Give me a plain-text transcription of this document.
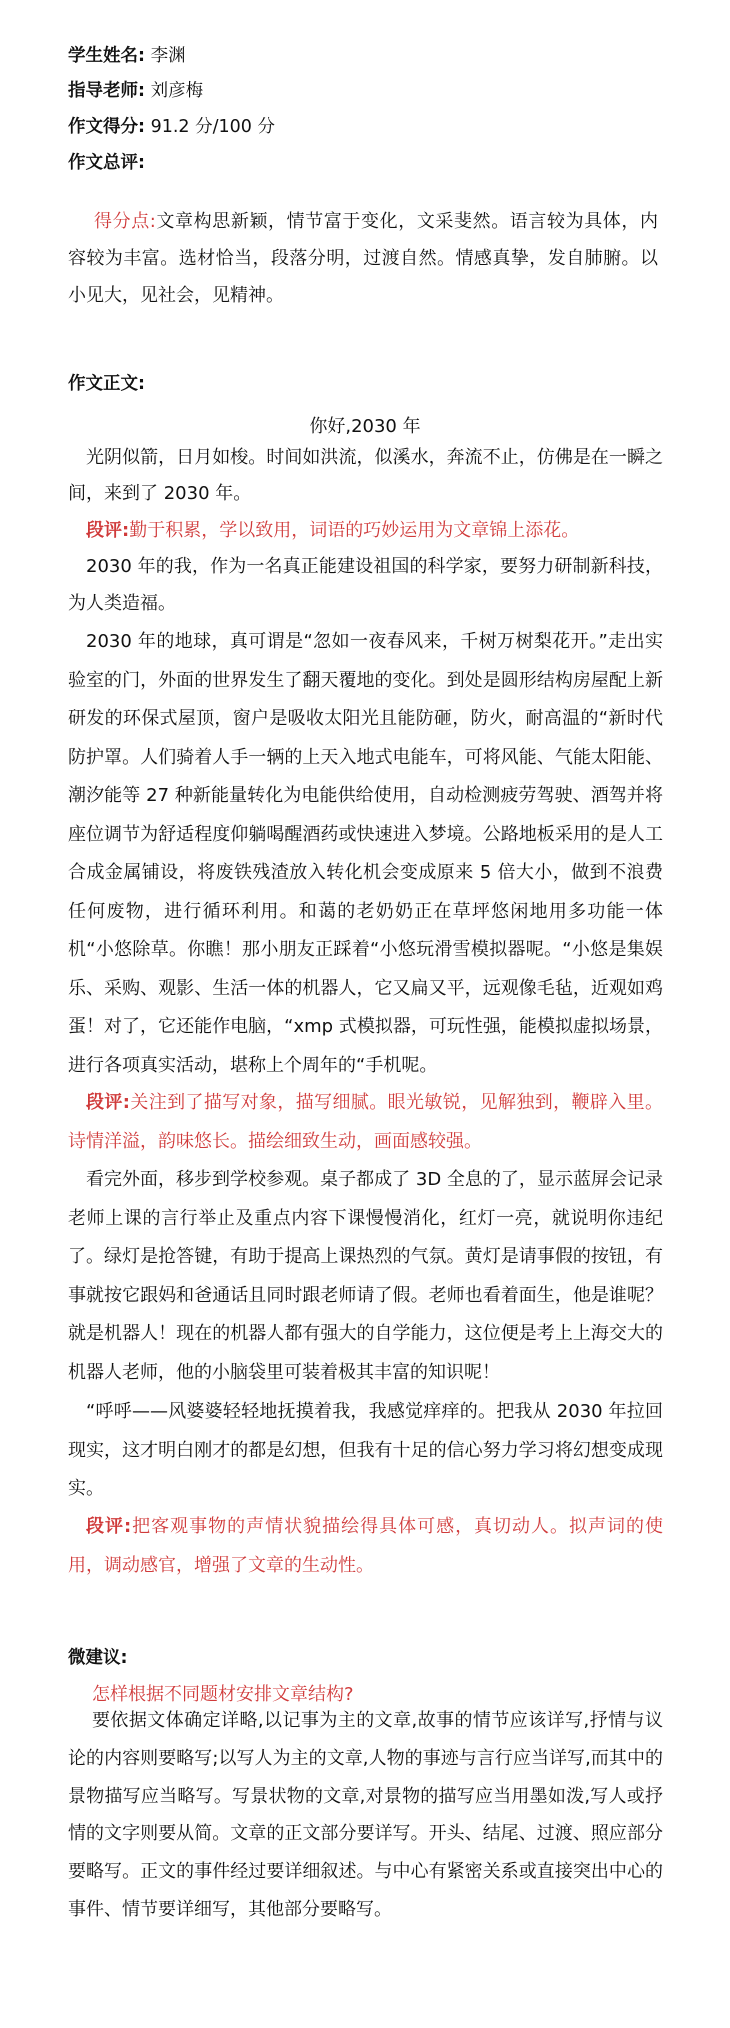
学生姓名: 李渊
指导老师: 刘彦梅
作文得分: 91.2 分/100 分
作文总评:

得分点:文章构思新颖，情节富于变化，文采斐然。语言较为具体，内容较为丰富。选材恰当，段落分明，过渡自然。情感真挚，发自肺腑。以小见大，见社会，见精神。

作文正文:
你好,2030 年

光阴似箭，日月如梭。时间如洪流，似溪水，奔流不止，仿佛是在一瞬之间，来到了 2030 年。

段评:勤于积累，学以致用，词语的巧妙运用为文章锦上添花。

2030 年的我，作为一名真正能建设祖国的科学家，要努力研制新科技，为人类造福。

2030 年的地球，真可谓是“忽如一夜春风来，千树万树梨花开。”走出实验室的门，外面的世界发生了翻天覆地的变化。到处是圆形结构房屋配上新研发的环保式屋顶，窗户是吸收太阳光且能防砸，防火，耐高温的“新时代防护罩。人们骑着人手一辆的上天入地式电能车，可将风能、气能太阳能、潮汐能等 27 种新能量转化为电能供给使用，自动检测疲劳驾驶、酒驾并将座位调节为舒适程度仰躺喝醒酒药或快速进入梦境。公路地板采用的是人工合成金属铺设，将废铁残渣放入转化机会变成原来 5 倍大小，做到不浪费任何废物，进行循环利用。和蔼的老奶奶正在草坪悠闲地用多功能一体机“小悠除草。你瞧！那小朋友正踩着“小悠玩滑雪模拟器呢。“小悠是集娱乐、采购、观影、生活一体的机器人，它又扁又平，远观像毛毡，近观如鸡蛋！对了，它还能作电脑，“xmp 式模拟器，可玩性强，能模拟虚拟场景，进行各项真实活动，堪称上个周年的“手机呢。

段评:关注到了描写对象，描写细腻。眼光敏锐，见解独到，鞭辟入里。诗情洋溢，韵味悠长。描绘细致生动，画面感较强。

看完外面，移步到学校参观。桌子都成了 3D 全息的了，显示蓝屏会记录老师上课的言行举止及重点内容下课慢慢消化，红灯一亮，就说明你违纪了。绿灯是抢答键，有助于提高上课热烈的气氛。黄灯是请事假的按钮，有事就按它跟妈和爸通话且同时跟老师请了假。老师也看着面生，他是谁呢？就是机器人！现在的机器人都有强大的自学能力，这位便是考上上海交大的机器人老师，他的小脑袋里可装着极其丰富的知识呢！

“呼呼——风婆婆轻轻地抚摸着我，我感觉痒痒的。把我从 2030 年拉回现实，这才明白刚才的都是幻想，但我有十足的信心努力学习将幻想变成现实。

段评:把客观事物的声情状貌描绘得具体可感，真切动人。拟声词的使用，调动感官，增强了文章的生动性。

微建议:
怎样根据不同题材安排文章结构?

要依据文体确定详略,以记事为主的文章,故事的情节应该详写,抒情与议论的内容则要略写;以写人为主的文章,人物的事迹与言行应当详写,而其中的景物描写应当略写。写景状物的文章,对景物的描写应当用墨如泼,写人或抒情的文字则要从简。文章的正文部分要详写。开头、结尾、过渡、照应部分要略写。正文的事件经过要详细叙述。与中心有紧密关系或直接突出中心的事件、情节要详细写，其他部分要略写。
